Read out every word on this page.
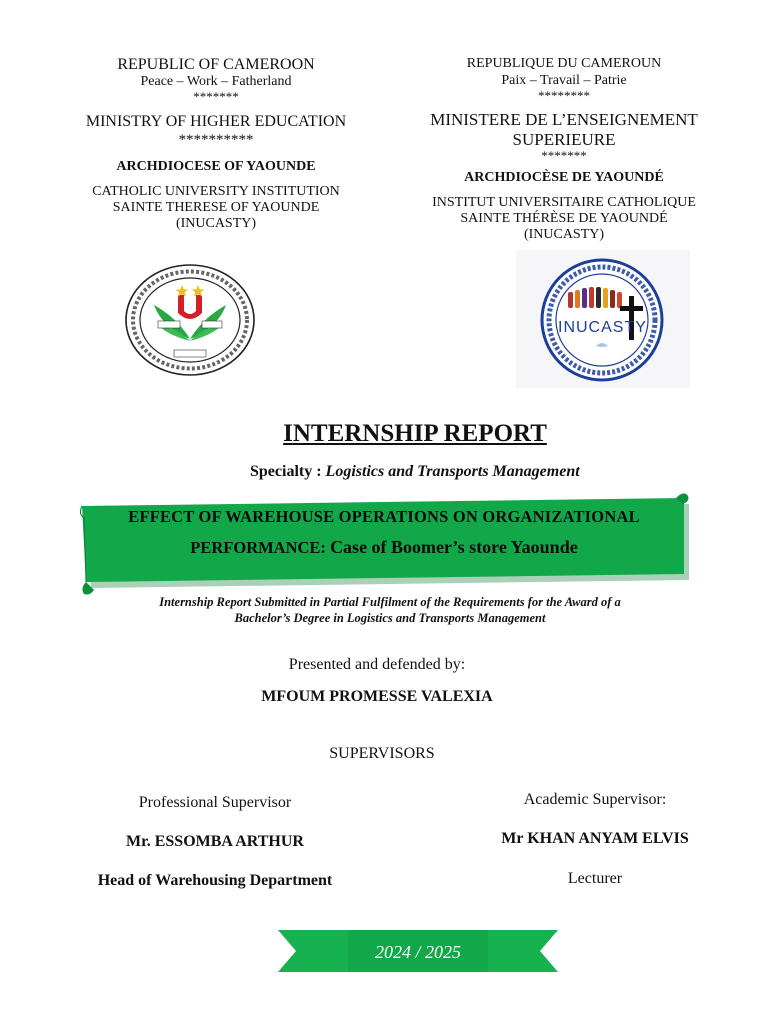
REPUBLIC OF CAMEROON
Peace – Work – Fatherland
*******
MINISTRY OF HIGHER EDUCATION
**********
ARCHDIOCESE OF YAOUNDE
CATHOLIC UNIVERSITY INSTITUTION
SAINTE THERESE OF YAOUNDE
(INUCASTY)
REPUBLIQUE DU CAMEROUN
Paix – Travail – Patrie
********
MINISTERE DE L’ENSEIGNEMENT
SUPERIEURE
*******
ARCHDIOCÈSE DE YAOUNDÉ
INSTITUT UNIVERSITAIRE CATHOLIQUE
SAINTE THÉRÈSE DE YAOUNDÉ
(INUCASTY)
INUCASTY
INTERNSHIP REPORT
Specialty : Logistics and Transports Management
EFFECT OF WAREHOUSE OPERATIONS ON ORGANIZATIONAL
PERFORMANCE: Case of Boomer’s store Yaounde
Internship Report Submitted in Partial Fulfilment of the Requirements for the Award of a
Bachelor’s Degree in Logistics and Transports Management
Presented and defended by:
MFOUM PROMESSE VALEXIA
SUPERVISORS
Professional Supervisor	Academic Supervisor:
Mr. ESSOMBA ARTHUR	Mr KHAN ANYAM ELVIS
Head of Warehousing Department	Lecturer
2024 / 2025
